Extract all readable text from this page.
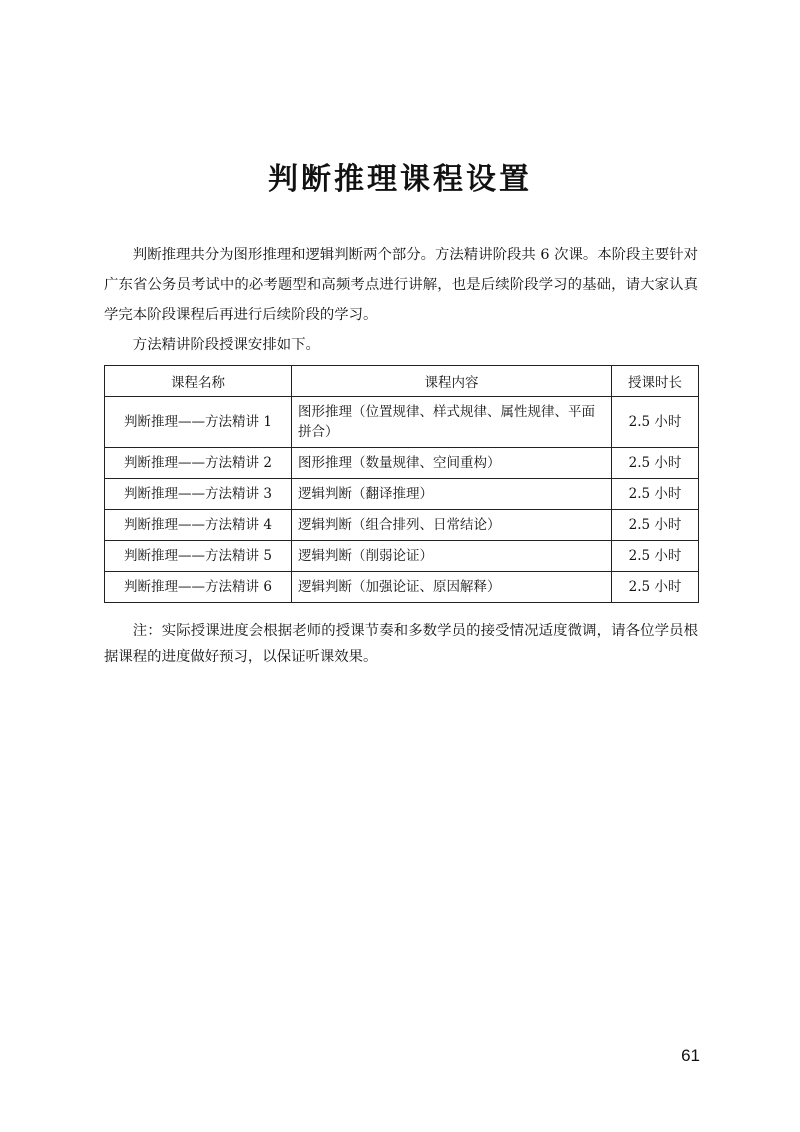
判断推理课程设置

判断推理共分为图形推理和逻辑判断两个部分。方法精讲阶段共 6 次课。本阶段主要针对广东省公务员考试中的必考题型和高频考点进行讲解，也是后续阶段学习的基础，请大家认真学完本阶段课程后再进行后续阶段的学习。

方法精讲阶段授课安排如下。

课程名称	课程内容	授课时长
判断推理——方法精讲 1	图形推理（位置规律、样式规律、属性规律、平面拼合）	2.5 小时
判断推理——方法精讲 2	图形推理（数量规律、空间重构）	2.5 小时
判断推理——方法精讲 3	逻辑判断（翻译推理）	2.5 小时
判断推理——方法精讲 4	逻辑判断（组合排列、日常结论）	2.5 小时
判断推理——方法精讲 5	逻辑判断（削弱论证）	2.5 小时
判断推理——方法精讲 6	逻辑判断（加强论证、原因解释）	2.5 小时

注：实际授课进度会根据老师的授课节奏和多数学员的接受情况适度微调，请各位学员根据课程的进度做好预习，以保证听课效果。

61
